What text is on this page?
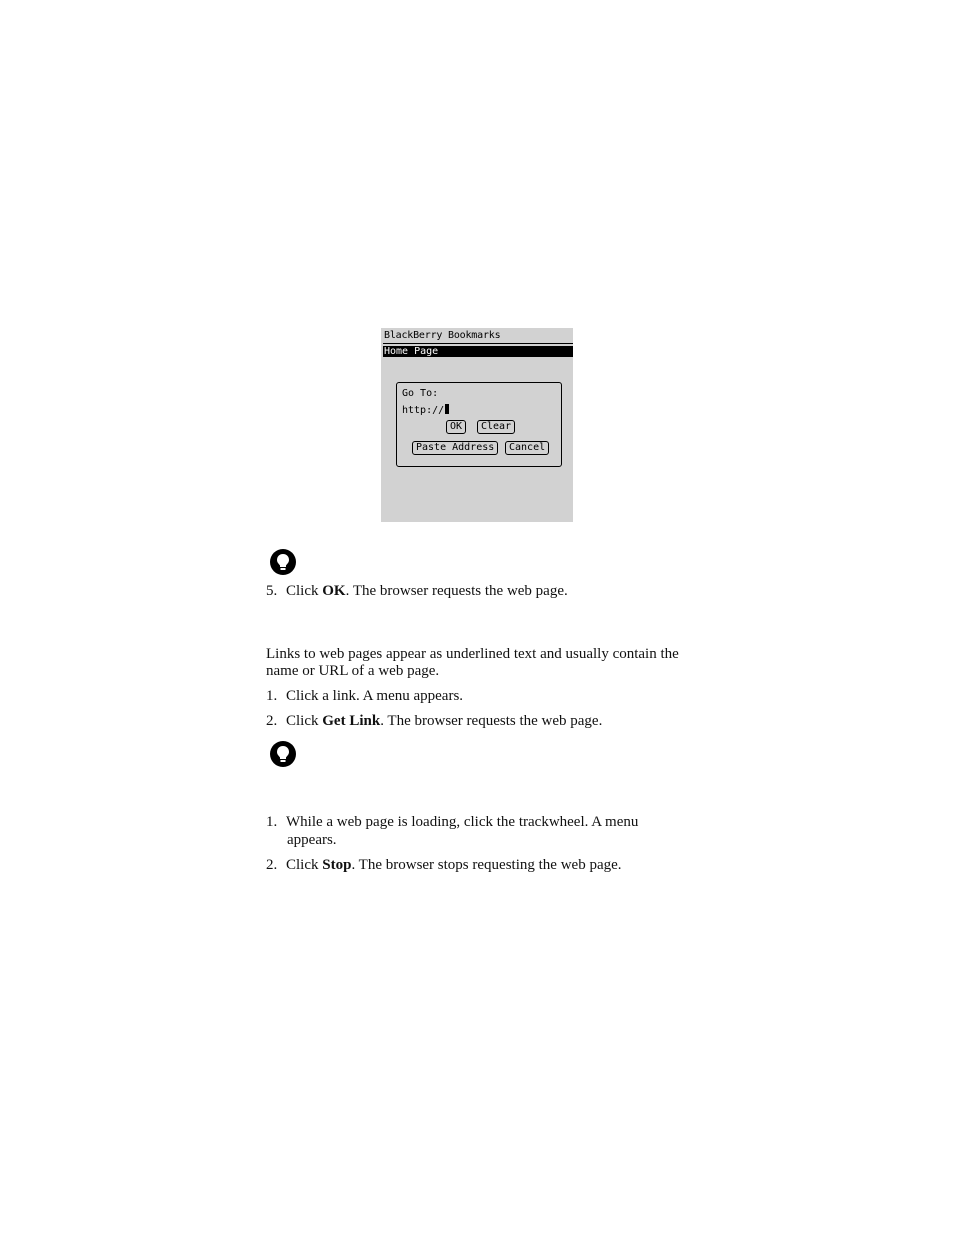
BlackBerry Bookmarks
Home Page
Go To:
http://
OK	Clear
Paste Address	Cancel
5. Click OK. The browser requests the web page.
Links to web pages appear as underlined text and usually contain the name or URL of a web page.
1. Click a link. A menu appears.
2. Click Get Link. The browser requests the web page.
1. While a web page is loading, click the trackwheel. A menu
appears.
2. Click Stop. The browser stops requesting the web page.
